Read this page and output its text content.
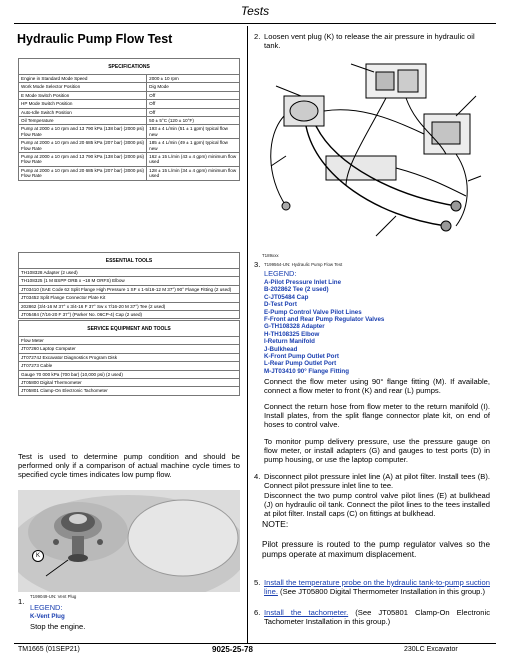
Tests
Hydraulic Pump Flow Test
SPECIFICATIONS	
Engine in Standard Mode Speed	2000 ± 10 rpm
Work Mode Selector Position	Dig Mode
E Mode Switch Position	Off
HP Mode Switch Position	Off
Auto-Idle Switch Position	Off
Oil Temperature	50 ± 5°C (120 ± 10°F)
Pump at 2000 ± 10 rpm and 13 790 kPa (138 bar) (2000 psi) Flow Rate	193 ± 4 L/min (51 ± 1 gpm) typical flow new
Pump at 2000 ± 10 rpm and 20 685 kPa (207 bar) (3000 psi) Flow Rate	185 ± 4 L/min (49 ± 1 gpm) typical flow new
Pump at 2000 ± 10 rpm and 13 790 kPa (138 bar) (2000 psi) Flow Rate	162 ± 15 L/min (43 ± 4 gpm) minimum flow used
Pump at 2000 ± 10 rpm and 20 685 kPa (207 bar) (3000 psi) Flow Rate	128 ± 15 L/min (34 ± 4 gpm) minimum flow used
ESSENTIAL TOOLS
TH108328 Adapter (2 used)
TH108325 (1 M BSPP ORB x ~18 M ORFS) Elbow
JT03410 (SAE Code 62 Split Flange High Pressure 1 SF x 1-5/16-12 M 37°) 90° Flange Fitting (2 used)
JT03452 Split Flange Connector Plate Kit
202862 (3/4-16 M 37° x 3/4-16 F 37° Sw x 7/16-20 M 37°) Tee (2 used)
JT05484 (7/16-20 F 37°) (Parker No. 06CP-4) Cap (2 used)
SERVICE EQUIPMENT AND TOOLS
Flow Meter
JT07260 Laptop Computer
JT07274J Excavator Diagnostics Program Disk
JT07273 Cable
Gauge 70 000 kPa (700 bar) (10,000 psi) (2 used)
JT05800 Digital Thermometer
JT05801 Clamp-On Electronic Tachometer
Test is used to determine pump condition and should be performed only if a comparison of actual machine cycle times to specified cycle times indicates low pump flow.
K
1.
T199049-UN: Vent Plug
LEGEND:
K-Vent Plug
Stop the engine.
2. Loosen vent plug (K) to release the air pressure in hydraulic oil tank.
T189xxx
3. T199564-UN: Hydraulic Pump Flow Test
LEGEND:
A-Pilot Pressure Inlet Line
B-202862 Tee (2 used)
C-JT05484 Cap
D-Test Port
E-Pump Control Valve Pilot Lines
F-Front and Rear Pump Regulator Valves
G-TH108328 Adapter
H-TH108325 Elbow
I-Return Manifold
J-Bulkhead
K-Front Pump Outlet Port
L-Rear Pump Outlet Port
M-JT03410 90° Flange Fitting
Connect the flow meter using 90° flange fitting (M). If available, connect a flow meter to front (K) and rear (L) pumps.
Connect the return hose from flow meter to the return manifold (I). Install plates, from the split flange connector plate kit, on end of hoses to control valve.
To monitor pump delivery pressure, use the pressure gauge on flow meter, or install adapters (G) and gauges to test ports (D) in pump housing, or use the laptop computer.
4. Disconnect pilot pressure inlet line (A) at pilot filter. Install tees (B). Connect pilot pressure inlet line to tee.
Disconnect the two pump control valve pilot lines (E) at bulkhead (J) on hydraulic oil tank. Connect the pilot lines to the tees installed at pilot filter. Install caps (C) on fittings at bulkhead.
NOTE:
Pilot pressure is routed to the pump regulator valves so the pumps operate at maximum displacement.
5. Install the temperature probe on the hydraulic tank-to-pump suction line. (See JT05800 Digital Thermometer Installation in this group.)
6. Install the tachometer. (See JT05801 Clamp-On Electronic Tachometer Installation in this group.)
TM1665 (01SEP21)	9025-25-78	230LC Excavator
